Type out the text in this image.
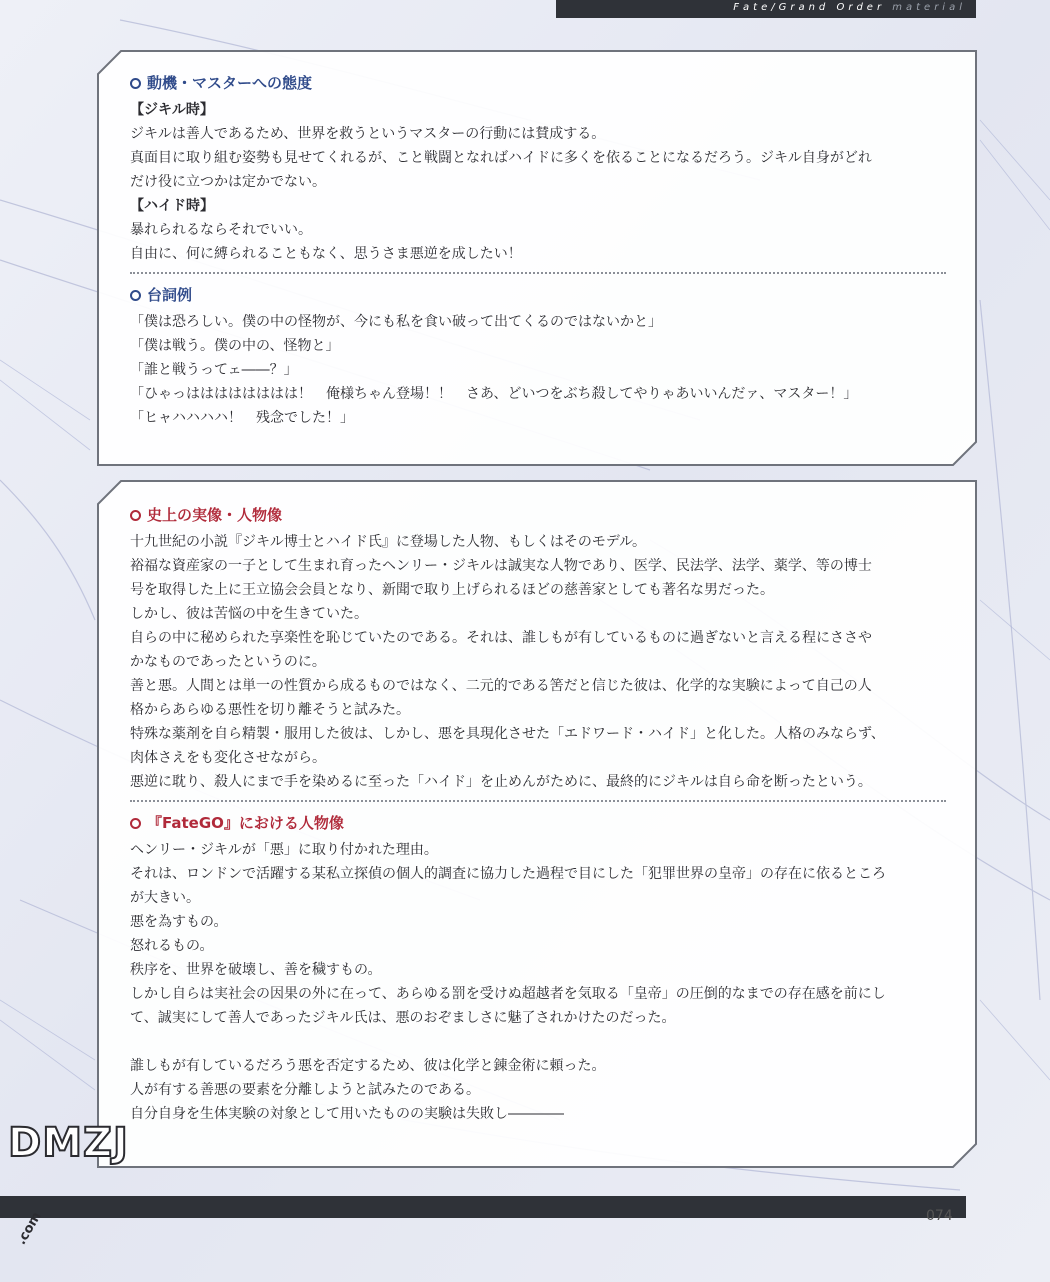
Fate/Grand Order material
動機・マスターへの態度
【ジキル時】
ジキルは善人であるため、世界を救うというマスターの行動には賛成する。
真面目に取り組む姿勢も見せてくれるが、こと戦闘となればハイドに多くを依ることになるだろう。ジキル自身がどれ
だけ役に立つかは定かでない。
【ハイド時】
暴れられるならそれでいい。
自由に、何に縛られることもなく、思うさま悪逆を成したい！
台詞例
「僕は恐ろしい。僕の中の怪物が、今にも私を食い破って出てくるのではないかと」
「僕は戦う。僕の中の、怪物と」
「誰と戦うってェ――？」
「ひゃっはははははははは！　俺様ちゃん登場！！　さあ、どいつをぶち殺してやりゃあいいんだァ、マスター！」
「ヒャハハハハ！　残念でした！」
史上の実像・人物像
十九世紀の小説『ジキル博士とハイド氏』に登場した人物、もしくはそのモデル。
裕福な資産家の一子として生まれ育ったヘンリー・ジキルは誠実な人物であり、医学、民法学、法学、薬学、等の博士
号を取得した上に王立協会会員となり、新聞で取り上げられるほどの慈善家としても著名な男だった。
しかし、彼は苦悩の中を生きていた。
自らの中に秘められた享楽性を恥じていたのである。それは、誰しもが有しているものに過ぎないと言える程にささや
かなものであったというのに。
善と悪。人間とは単一の性質から成るものではなく、二元的である筈だと信じた彼は、化学的な実験によって自己の人
格からあらゆる悪性を切り離そうと試みた。
特殊な薬剤を自ら精製・服用した彼は、しかし、悪を具現化させた「エドワード・ハイド」と化した。人格のみならず、
肉体さえをも変化させながら。
悪逆に耽り、殺人にまで手を染めるに至った「ハイド」を止めんがために、最終的にジキルは自ら命を断ったという。
『FateGO』における人物像
ヘンリー・ジキルが「悪」に取り付かれた理由。
それは、ロンドンで活躍する某私立探偵の個人的調査に協力した過程で目にした「犯罪世界の皇帝」の存在に依るところ
が大きい。
悪を為すもの。
怒れるもの。
秩序を、世界を破壊し、善を穢すもの。
しかし自らは実社会の因果の外に在って、あらゆる罰を受けぬ超越者を気取る「皇帝」の圧倒的なまでの存在感を前にし
て、誠実にして善人であったジキル氏は、悪のおぞましさに魅了されかけたのだった。
誰しもが有しているだろう悪を否定するため、彼は化学と錬金術に頼った。
人が有する善悪の要素を分離しようと試みたのである。
自分自身を生体実験の対象として用いたものの実験は失敗し――――
074
DMZJ
.com
